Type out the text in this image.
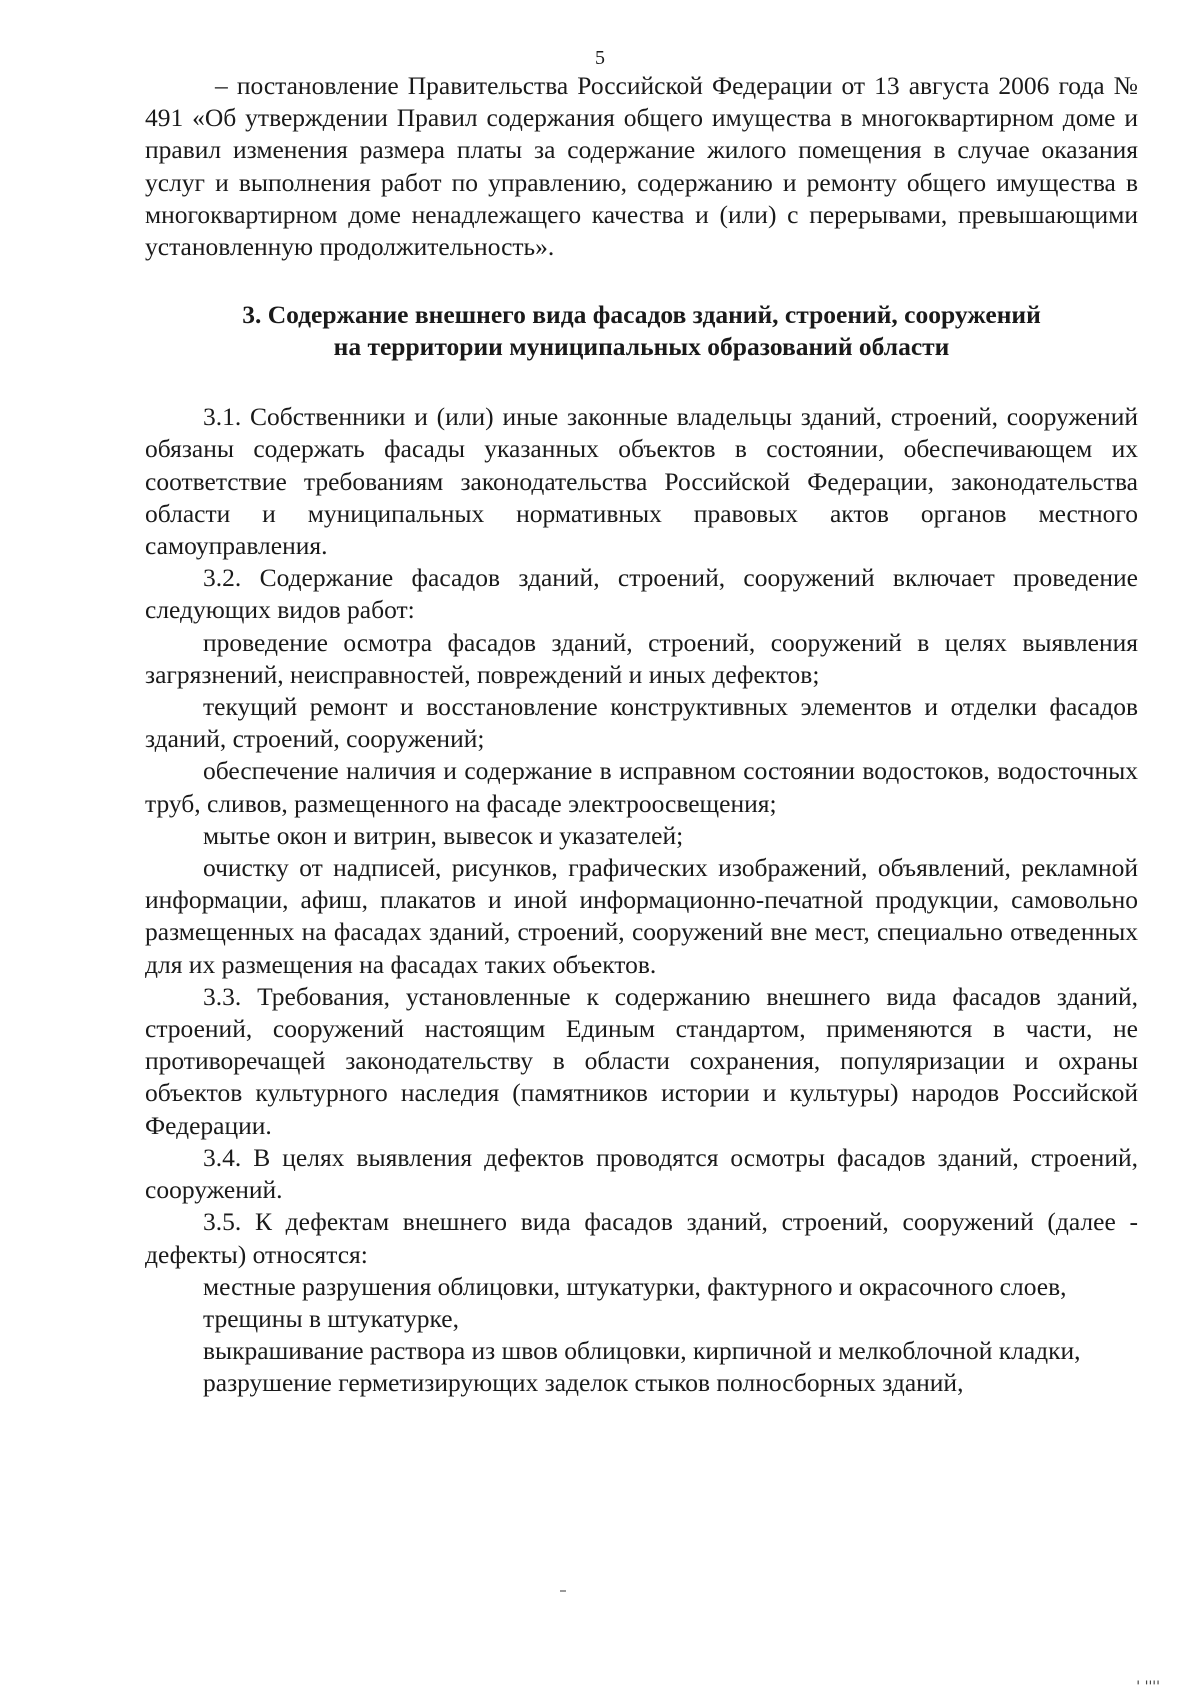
5

– постановление Правительства Российской Федерации от 13 августа 2006 года № 491 «Об утверждении Правил содержания общего имущества в многоквартирном доме и правил изменения размера платы за содержание жилого помещения в случае оказания услуг и выполнения работ по управлению, содержанию и ремонту общего имущества в многоквартирном доме ненадлежащего качества и (или) с перерывами, превышающими установленную продолжительность».

3. Содержание внешнего вида фасадов зданий, строений, сооружений
на территории муниципальных образований области

3.1. Собственники и (или) иные законные владельцы зданий, строений, сооружений обязаны содержать фасады указанных объектов в состоянии, обеспечивающем их соответствие требованиям законодательства Российской Федерации, законодательства области и муниципальных нормативных правовых актов органов местного самоуправления.

3.2. Содержание фасадов зданий, строений, сооружений включает проведение следующих видов работ:

проведение осмотра фасадов зданий, строений, сооружений в целях выявления загрязнений, неисправностей, повреждений и иных дефектов;

текущий ремонт и восстановление конструктивных элементов и отделки фасадов зданий, строений, сооружений;

обеспечение наличия и содержание в исправном состоянии водостоков, водосточных труб, сливов, размещенного на фасаде электроосвещения;

мытье окон и витрин, вывесок и указателей;

очистку от надписей, рисунков, графических изображений, объявлений, рекламной информации, афиш, плакатов и иной информационно-печатной продукции, самовольно размещенных на фасадах зданий, строений, сооружений вне мест, специально отведенных для их размещения на фасадах таких объектов.

3.3. Требования, установленные к содержанию внешнего вида фасадов зданий, строений, сооружений настоящим Единым стандартом, применяются в части, не противоречащей законодательству в области сохранения, популяризации и охраны объектов культурного наследия (памятников истории и культуры) народов Российской Федерации.

3.4. В целях выявления дефектов проводятся осмотры фасадов зданий, строений, сооружений.

3.5. К дефектам внешнего вида фасадов зданий, строений, сооружений (далее - дефекты) относятся:

местные разрушения облицовки, штукатурки, фактурного и окрасочного слоев,

трещины в штукатурке,

выкрашивание раствора из швов облицовки, кирпичной и мелкоблочной кладки,

разрушение герметизирующих заделок стыков полносборных зданий,

' ''''
